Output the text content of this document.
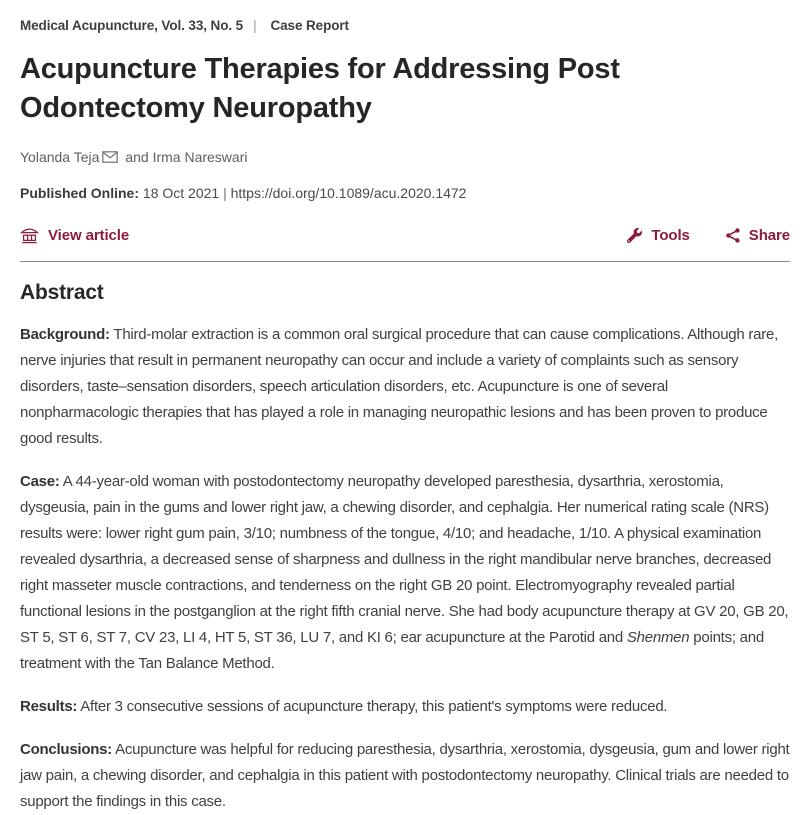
Medical Acupuncture, Vol. 33, No. 5 | Case Report
Acupuncture Therapies for Addressing Post Odontectomy Neuropathy
Yolanda Teja and Irma Nareswari
Published Online: 18 Oct 2021 | https://doi.org/10.1089/acu.2020.1472
View article	Tools	Share
Abstract

Background: Third-molar extraction is a common oral surgical procedure that can cause complications. Although rare, nerve injuries that result in permanent neuropathy can occur and include a variety of complaints such as sensory disorders, taste–sensation disorders, speech articulation disorders, etc. Acupuncture is one of several nonpharmacologic therapies that has played a role in managing neuropathic lesions and has been proven to produce good results.

Case: A 44-year-old woman with postodontectomy neuropathy developed paresthesia, dysarthria, xerostomia, dysgeusia, pain in the gums and lower right jaw, a chewing disorder, and cephalgia. Her numerical rating scale (NRS) results were: lower right gum pain, 3/10; numbness of the tongue, 4/10; and headache, 1/10. A physical examination revealed dysarthria, a decreased sense of sharpness and dullness in the right mandibular nerve branches, decreased right masseter muscle contractions, and tenderness on the right GB 20 point. Electromyography revealed partial functional lesions in the postganglion at the right fifth cranial nerve. She had body acupuncture therapy at GV 20, GB 20, ST 5, ST 6, ST 7, CV 23, LI 4, HT 5, ST 36, LU 7, and KI 6; ear acupuncture at the Parotid and Shenmen points; and treatment with the Tan Balance Method.

Results: After 3 consecutive sessions of acupuncture therapy, this patient's symptoms were reduced.

Conclusions: Acupuncture was helpful for reducing paresthesia, dysarthria, xerostomia, dysgeusia, gum and lower right jaw pain, a chewing disorder, and cephalgia in this patient with postodontectomy neuropathy. Clinical trials are needed to support the findings in this case.
